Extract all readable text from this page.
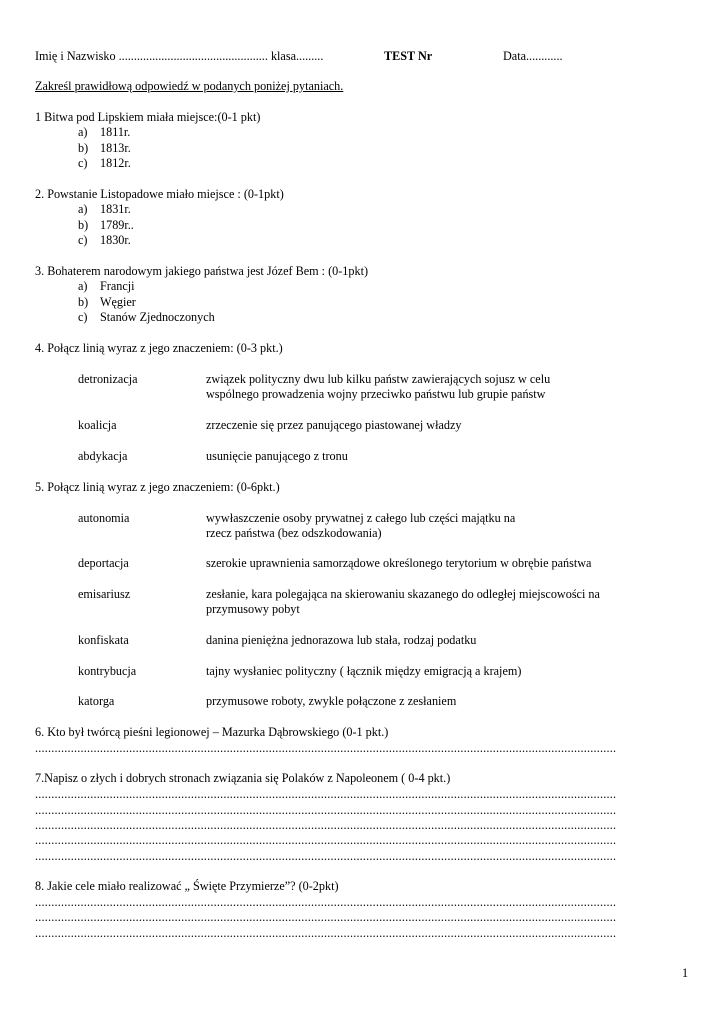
Imię i Nazwisko ................................................. klasa.........	TEST Nr	Data............
Zakreśl prawidłową odpowiedź w podanych poniżej pytaniach.
1 Bitwa pod Lipskiem miała miejsce:(0-1 pkt)
a) 1811r.
b) 1813r.
c) 1812r.
2. Powstanie Listopadowe miało miejsce : (0-1pkt)
a) 1831r.
b) 1789r..
c) 1830r.
3. Bohaterem narodowym jakiego państwa jest Józef Bem : (0-1pkt)
a) Francji
b) Węgier
c) Stanów Zjednoczonych
4. Połącz linią wyraz z jego znaczeniem: (0-3 pkt.)
detronizacja	związek polityczny dwu lub kilku państw zawierających sojusz w celu
wspólnego prowadzenia wojny przeciwko państwu lub grupie państw
koalicja	zrzeczenie się przez panującego piastowanej władzy
abdykacja	usunięcie panującego z tronu
5. Połącz linią wyraz z jego znaczeniem: (0-6pkt.)
autonomia	wywłaszczenie osoby prywatnej z całego lub części majątku na
rzecz państwa (bez odszkodowania)
deportacja	szerokie uprawnienia samorządowe określonego terytorium w obrębie państwa
emisariusz	zesłanie, kara polegająca na skierowaniu skazanego do odległej miejscowości na
przymusowy pobyt
konfiskata	danina pieniężna jednorazowa lub stała, rodzaj podatku
kontrybucja	tajny wysłaniec polityczny ( łącznik między emigracją a krajem)
katorga	przymusowe roboty, zwykle połączone z zesłaniem
6. Kto był twórcą pieśni legionowej – Mazurka Dąbrowskiego (0-1 pkt.)
...................................................................................................................................................................................
7.Napisz o złych i dobrych stronach związania się Polaków z Napoleonem ( 0-4 pkt.)
...................................................................................................................................................................................
...................................................................................................................................................................................
...................................................................................................................................................................................
...................................................................................................................................................................................
...................................................................................................................................................................................
8. Jakie cele miało realizować „ Święte Przymierze”? (0-2pkt)
...................................................................................................................................................................................
...................................................................................................................................................................................
...................................................................................................................................................................................
1
